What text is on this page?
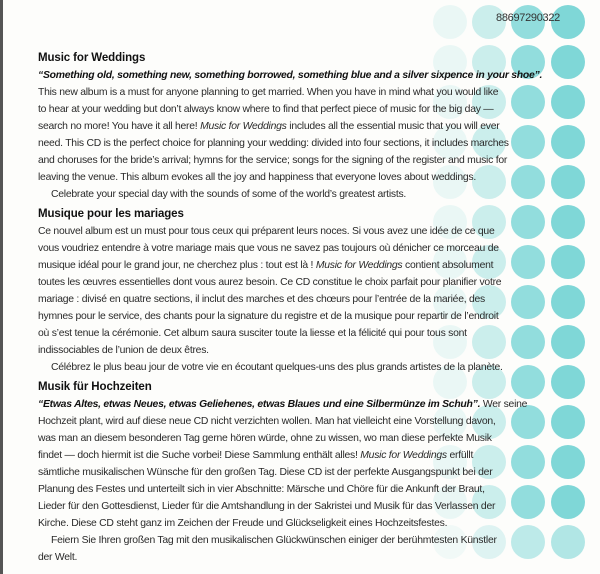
88697290322
Music for Weddings
“Something old, something new, something borrowed, something blue and a silver sixpence in your shoe”.
This new album is a must for anyone planning to get married. When you have in mind what you would like
to hear at your wedding but don’t always know where to find that perfect piece of music for the big day —
search no more! You have it all here! Music for Weddings includes all the essential music that you will ever
need. This CD is the perfect choice for planning your wedding: divided into four sections, it includes marches
and choruses for the bride’s arrival; hymns for the service; songs for the signing of the register and music for
leaving the venue. This album evokes all the joy and happiness that everyone loves about weddings.
Celebrate your special day with the sounds of some of the world’s greatest artists.
Musique pour les mariages
Ce nouvel album est un must pour tous ceux qui préparent leurs noces. Si vous avez une idée de ce que
vous voudriez entendre à votre mariage mais que vous ne savez pas toujours où dénicher ce morceau de
musique idéal pour le grand jour, ne cherchez plus : tout est là ! Music for Weddings contient absolument
toutes les œuvres essentielles dont vous aurez besoin. Ce CD constitue le choix parfait pour planifier votre
mariage : divisé en quatre sections, il inclut des marches et des chœurs pour l’entrée de la mariée, des
hymnes pour le service, des chants pour la signature du registre et de la musique pour repartir de l’endroit
où s’est tenue la cérémonie. Cet album saura susciter toute la liesse et la félicité qui pour tous sont
indissociables de l’union de deux êtres.
Célébrez le plus beau jour de votre vie en écoutant quelques-uns des plus grands artistes de la planète.
Musik für Hochzeiten
“Etwas Altes, etwas Neues, etwas Geliehenes, etwas Blaues und eine Silbermünze im Schuh”. Wer seine
Hochzeit plant, wird auf diese neue CD nicht verzichten wollen. Man hat vielleicht eine Vorstellung davon,
was man an diesem besonderen Tag gerne hören würde, ohne zu wissen, wo man diese perfekte Musik
findet — doch hiermit ist die Suche vorbei! Diese Sammlung enthält alles! Music for Weddings erfüllt
sämtliche musikalischen Wünsche für den großen Tag. Diese CD ist der perfekte Ausgangspunkt bei der
Planung des Festes und unterteilt sich in vier Abschnitte: Märsche und Chöre für die Ankunft der Braut,
Lieder für den Gottesdienst, Lieder für die Amtshandlung in der Sakristei und Musik für das Verlassen der
Kirche. Diese CD steht ganz im Zeichen der Freude und Glückseligkeit eines Hochzeitsfestes.
Feiern Sie Ihren großen Tag mit den musikalischen Glückwünschen einiger der berühmtesten Künstler
der Welt.
